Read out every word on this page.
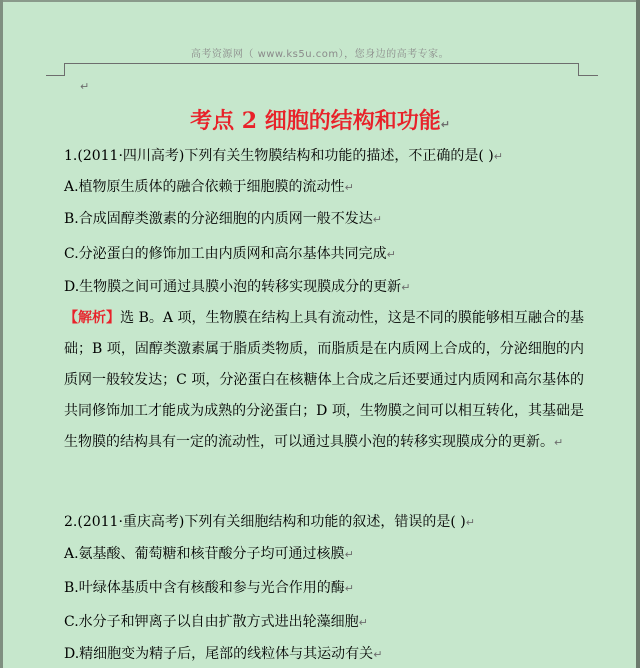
高考资源网（ www.ks5u.com），您身边的高考专家。
↵
考点 2 细胞的结构和功能↵
1.(2011·四川高考)下列有关生物膜结构和功能的描述，不正确的是( )↵
A.植物原生质体的融合依赖于细胞膜的流动性↵
B.合成固醇类激素的分泌细胞的内质网一般不发达↵
C.分泌蛋白的修饰加工由内质网和高尔基体共同完成↵
D.生物膜之间可通过具膜小泡的转移实现膜成分的更新↵
【解析】选 B。A 项，生物膜在结构上具有流动性，这是不同的膜能够相互融合的基础；B 项，固醇类激素属于脂质类物质，而脂质是在内质网上合成的，分泌细胞的内质网一般较发达；C 项，分泌蛋白在核糖体上合成之后还要通过内质网和高尔基体的共同修饰加工才能成为成熟的分泌蛋白；D 项，生物膜之间可以相互转化，其基础是生物膜的结构具有一定的流动性，可以通过具膜小泡的转移实现膜成分的更新。↵
2.(2011·重庆高考)下列有关细胞结构和功能的叙述，错误的是( )↵
A.氨基酸、葡萄糖和核苷酸分子均可通过核膜↵
B.叶绿体基质中含有核酸和参与光合作用的酶↵
C.水分子和钾离子以自由扩散方式进出轮藻细胞↵
D.精细胞变为精子后，尾部的线粒体与其运动有关↵
